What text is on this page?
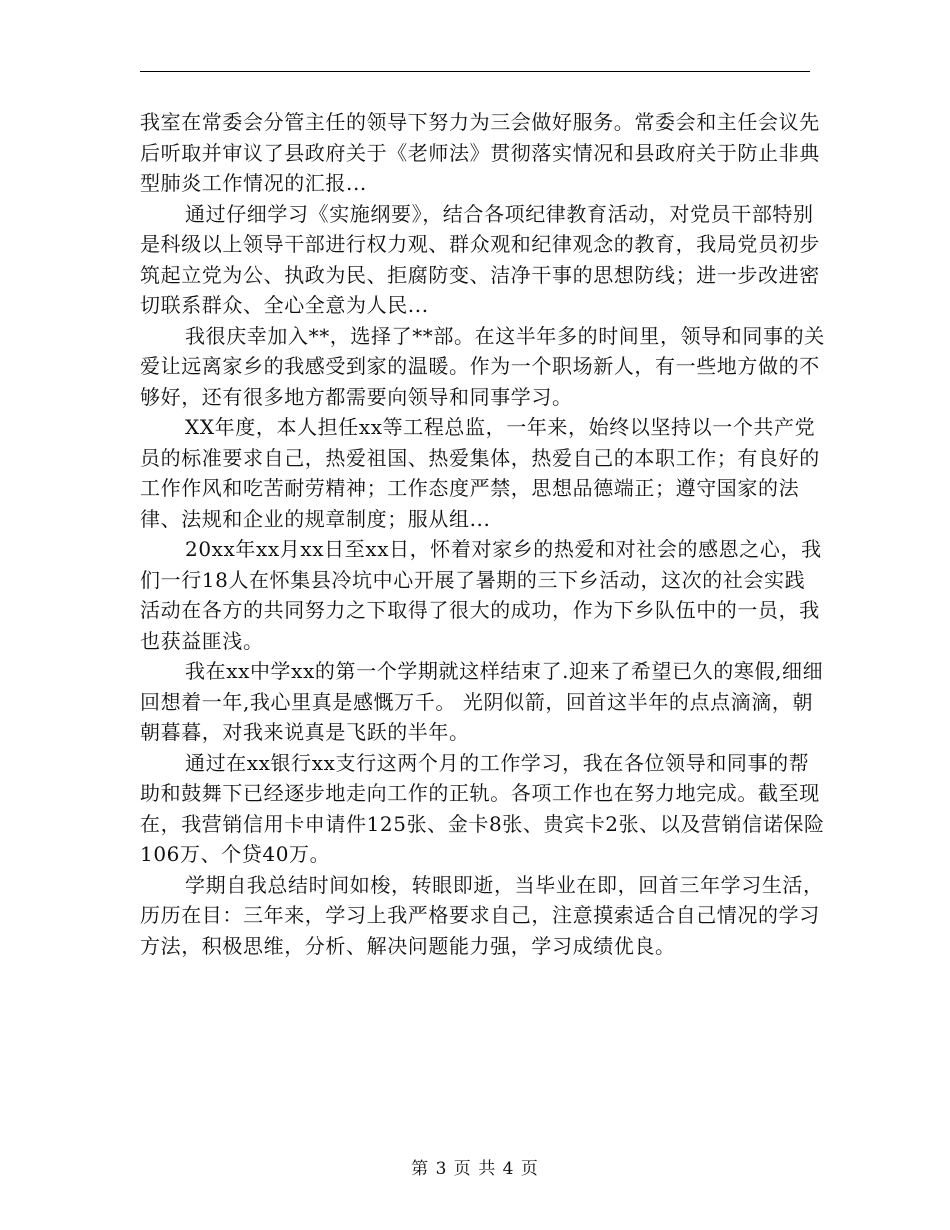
我室在常委会分管主任的领导下努力为三会做好服务。常委会和主任会议先后听取并审议了县政府关于《老师法》贯彻落实情况和县政府关于防止非典型肺炎工作情况的汇报...

通过仔细学习《实施纲要》，结合各项纪律教育活动，对党员干部特别是科级以上领导干部进行权力观、群众观和纪律观念的教育，我局党员初步筑起立党为公、执政为民、拒腐防变、洁净干事的思想防线；进一步改进密切联系群众、全心全意为人民...

我很庆幸加入**，选择了**部。在这半年多的时间里，领导和同事的关爱让远离家乡的我感受到家的温暖。作为一个职场新人，有一些地方做的不够好，还有很多地方都需要向领导和同事学习。

XX年度，本人担任xx等工程总监，一年来，始终以坚持以一个共产党员的标准要求自己，热爱祖国、热爱集体，热爱自己的本职工作；有良好的工作作风和吃苦耐劳精神；工作态度严禁，思想品德端正；遵守国家的法律、法规和企业的规章制度；服从组...

20xx年xx月xx日至xx日，怀着对家乡的热爱和对社会的感恩之心，我们一行18人在怀集县冷坑中心开展了暑期的三下乡活动，这次的社会实践活动在各方的共同努力之下取得了很大的成功，作为下乡队伍中的一员，我也获益匪浅。

我在xx中学xx的第一个学期就这样结束了.迎来了希望已久的寒假,细细回想着一年,我心里真是感慨万千。 光阴似箭，回首这半年的点点滴滴，朝朝暮暮，对我来说真是飞跃的半年。

通过在xx银行xx支行这两个月的工作学习，我在各位领导和同事的帮助和鼓舞下已经逐步地走向工作的正轨。各项工作也在努力地完成。截至现在，我营销信用卡申请件125张、金卡8张、贵宾卡2张、以及营销信诺保险106万、个贷40万。

学期自我总结时间如梭，转眼即逝，当毕业在即，回首三年学习生活，历历在目：三年来，学习上我严格要求自己，注意摸索适合自己情况的学习方法，积极思维，分析、解决问题能力强，学习成绩优良。

第 3 页 共 4 页
